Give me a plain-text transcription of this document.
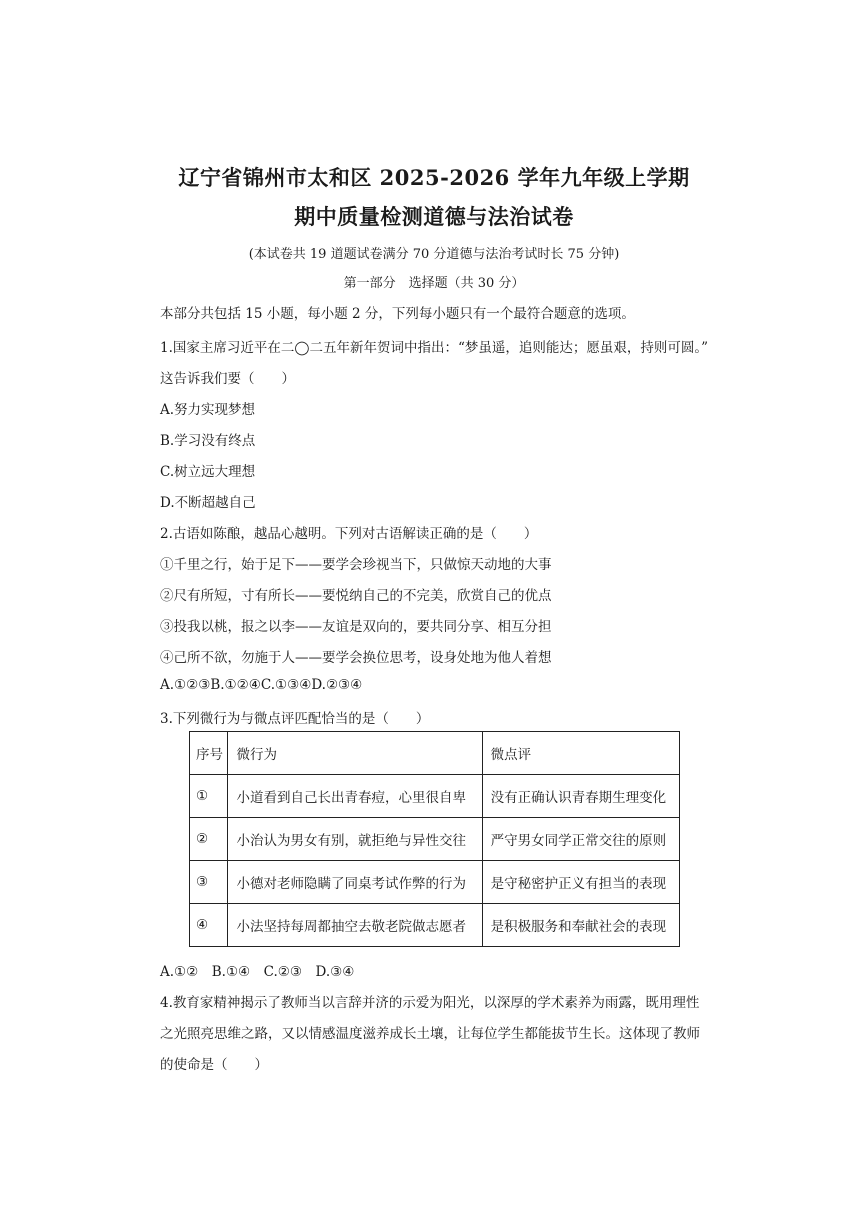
辽宁省锦州市太和区 2025-2026 学年九年级上学期
期中质量检测道德与法治试卷
(本试卷共 19 道题试卷满分 70 分道德与法治考试时长 75 分钟)
第一部分　选择题（共 30 分）
本部分共包括 15 小题，每小题 2 分，下列每小题只有一个最符合题意的选项。
1.国家主席习近平在二◯二五年新年贺词中指出：“梦虽遥，追则能达；愿虽艰，持则可圆。”
这告诉我们要（　　）
A.努力实现梦想
B.学习没有终点
C.树立远大理想
D.不断超越自己
2.古语如陈酿，越品心越明。下列对古语解读正确的是（　　）
①千里之行，始于足下——要学会珍视当下，只做惊天动地的大事
②尺有所短，寸有所长——要悦纳自己的不完美，欣赏自己的优点
③投我以桃，报之以李——友谊是双向的，要共同分享、相互分担
④己所不欲，勿施于人——要学会换位思考，设身处地为他人着想
A.①②③B.①②④C.①③④D.②③④
3.下列微行为与微点评匹配恰当的是（　　）
序号	微行为	微点评
①	小道看到自己长出青春痘，心里很自卑	没有正确认识青春期生理变化
②	小治认为男女有别，就拒绝与异性交往	严守男女同学正常交往的原则
③	小德对老师隐瞒了同桌考试作弊的行为	是守秘密护正义有担当的表现
④	小法坚持每周都抽空去敬老院做志愿者	是积极服务和奉献社会的表现
A.①②　B.①④　C.②③　D.③④
4.教育家精神揭示了教师当以言辞并济的示爱为阳光，以深厚的学术素养为雨露，既用理性
之光照亮思维之路，又以情感温度滋养成长土壤，让每位学生都能拔节生长。这体现了教师
的使命是（　　）
